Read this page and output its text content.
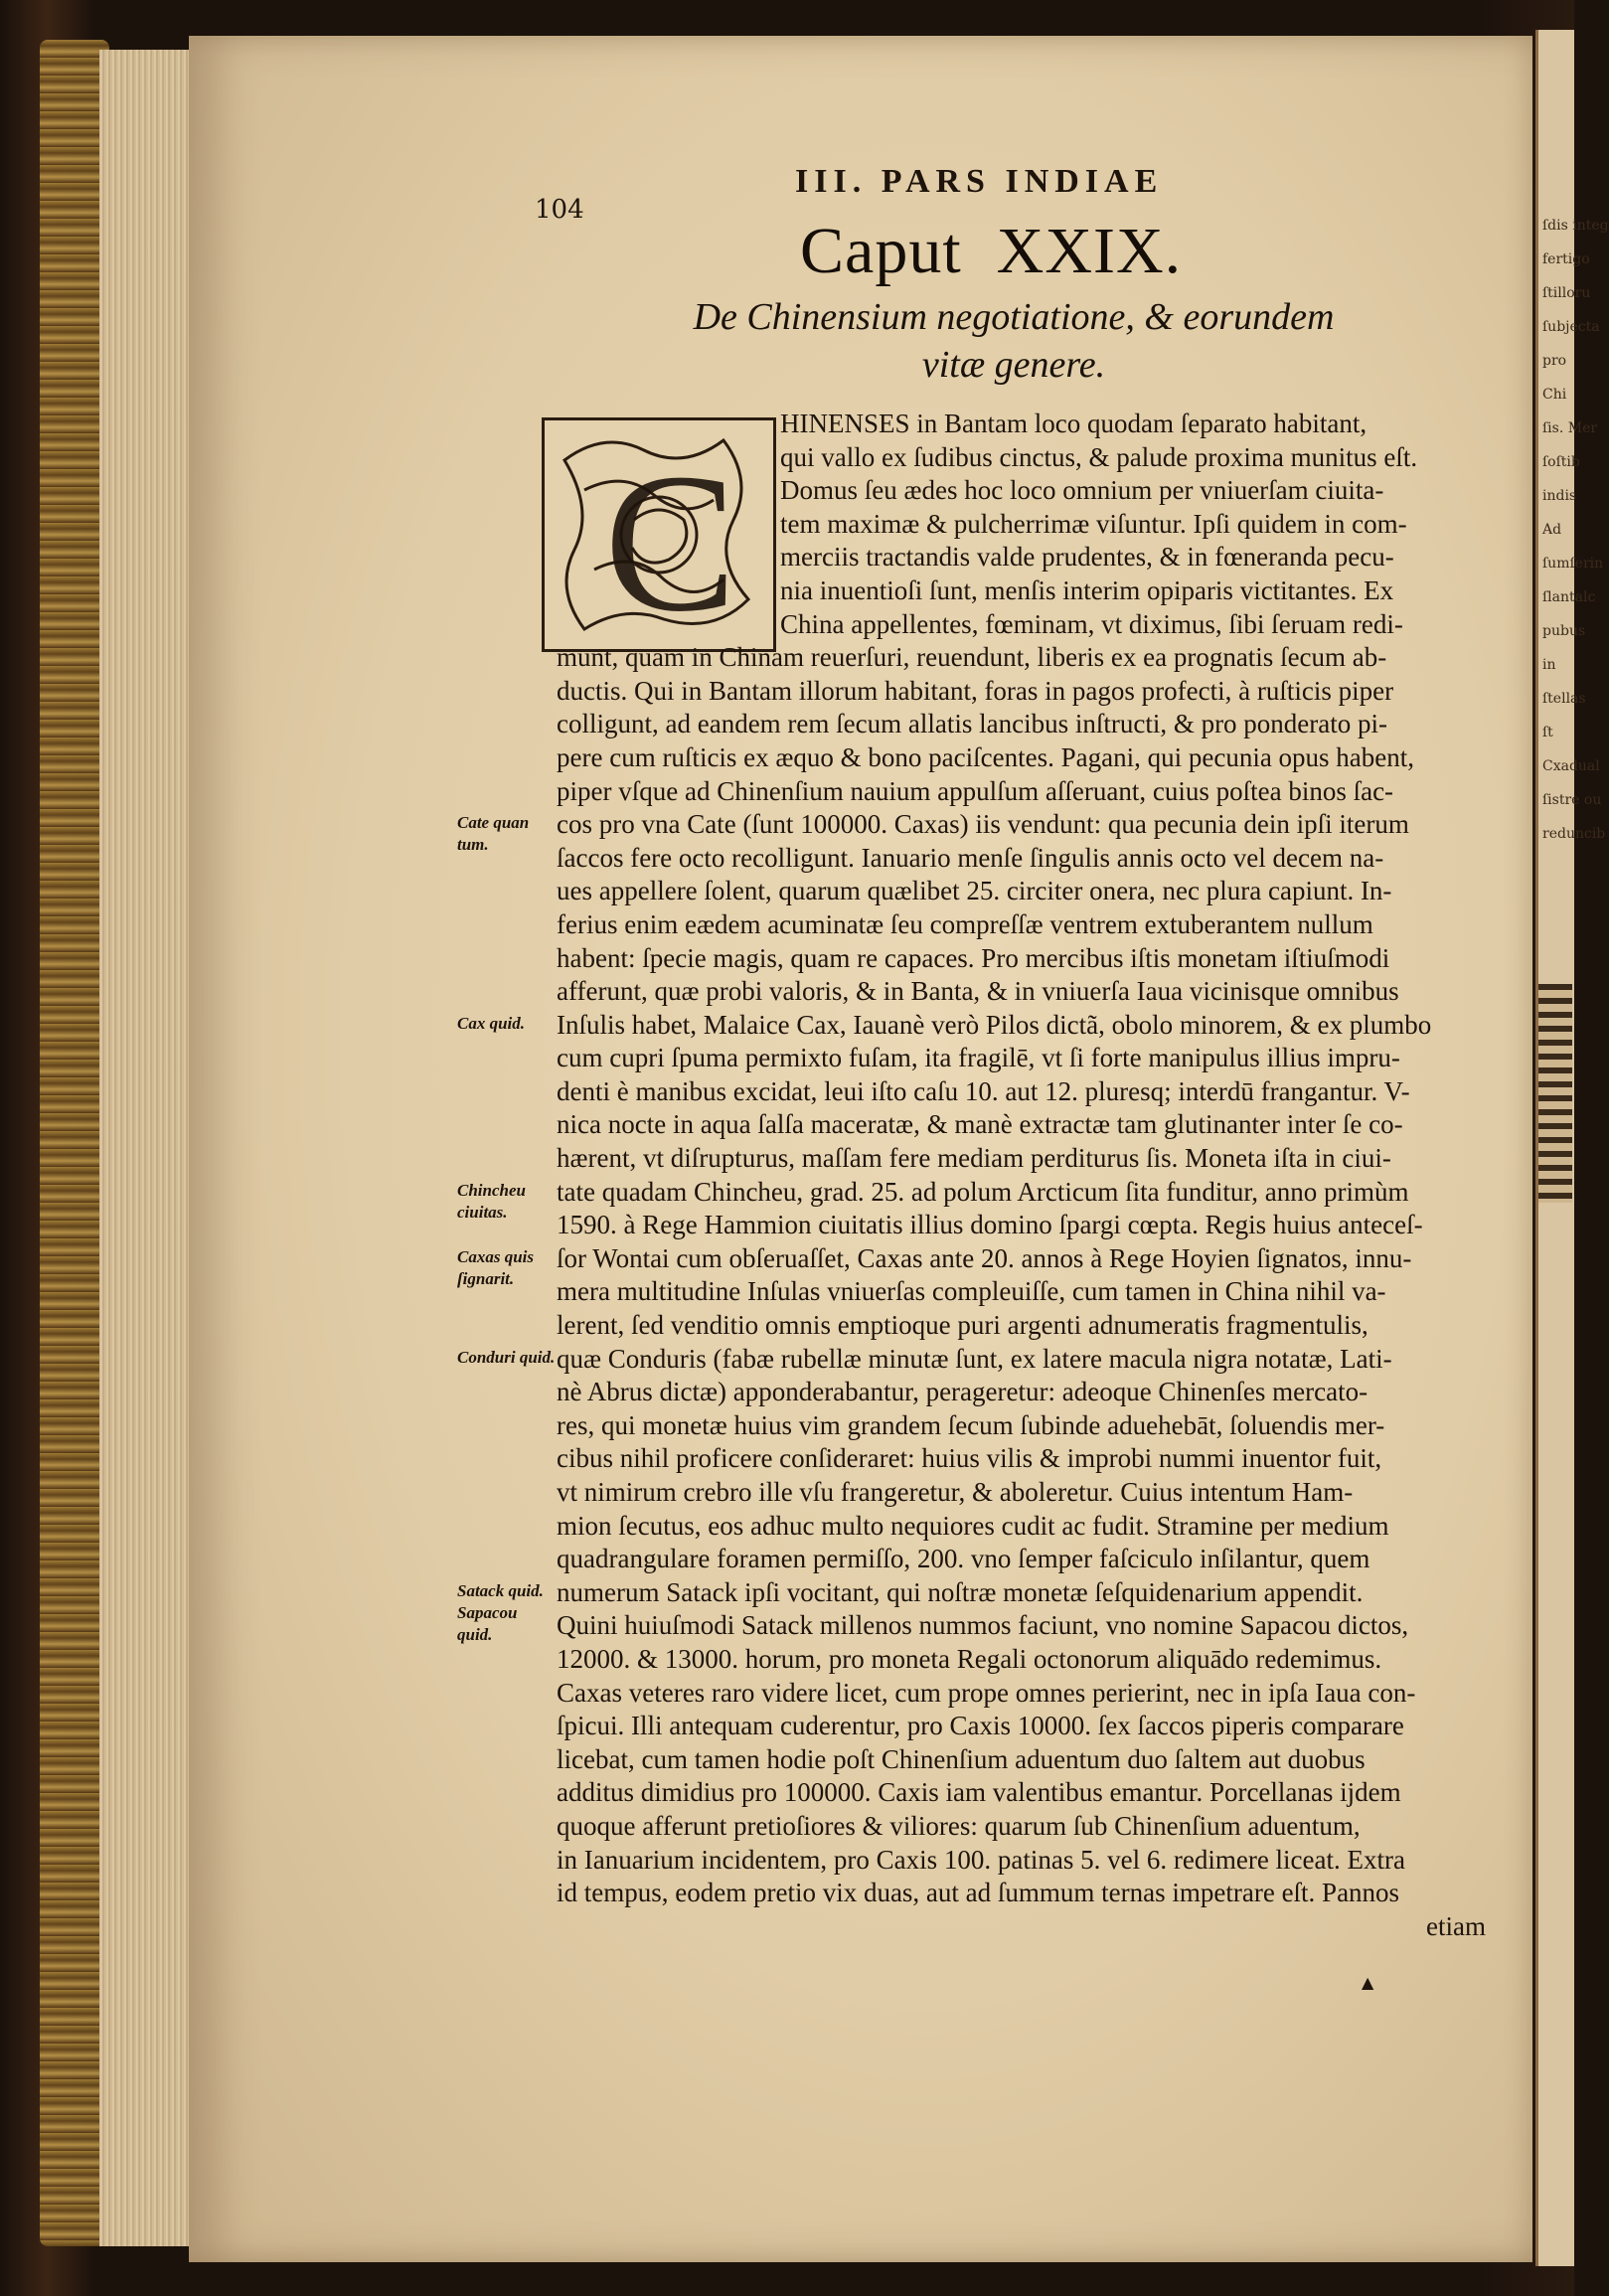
ſdis integ
fertigo
ſtilloru
ſubjecta
pro
Chi
ſis. Mer
ſoſtib
indis
Ad
ſumſerin
ſlantalc
pubus
in
ſtellas
ſt
Cxadual
ſistre ou
reduncib
104
III. PARS INDIAE
Caput  XXIX.
De Chinensium negotiatione, & eorundem vitæ genere.
C
HINENSES in Bantam loco quodam ſeparato habitant,
qui vallo ex ſudibus cinctus, & palude proxima munitus eſt.
Domus ſeu ædes hoc loco omnium per vniuerſam ciuita-
tem maximæ & pulcherrimæ viſuntur. Ipſi quidem in com-
merciis tractandis valde prudentes, & in fœneranda pecu-
nia inuentioſi ſunt, menſis interim opiparis victitantes. Ex
China appellentes, fœminam, vt diximus, ſibi ſeruam redi-
munt, quam in Chinam reuerſuri, reuendunt, liberis ex ea prognatis ſecum ab-
ductis. Qui in Bantam illorum habitant, foras in pagos profecti, à ruſticis piper
colligunt, ad eandem rem ſecum allatis lancibus inſtructi, & pro ponderato pi-
pere cum ruſticis ex æquo & bono paciſcentes. Pagani, qui pecunia opus habent,
piper vſque ad Chinenſium nauium appulſum aſſeruant, cuius poſtea binos ſac-
cos pro vna Cate (ſunt 100000. Caxas) iis vendunt: qua pecunia dein ipſi iterum
ſaccos fere octo recolligunt. Ianuario menſe ſingulis annis octo vel decem na-
ues appellere ſolent, quarum quælibet 25. circiter onera, nec plura capiunt. In-
ferius enim eædem acuminatæ ſeu compreſſæ ventrem extuberantem nullum
habent: ſpecie magis, quam re capaces. Pro mercibus iſtis monetam iſtiuſmodi
afferunt, quæ probi valoris, & in Banta, & in vniuerſa Iaua vicinisque omnibus
Inſulis habet, Malaice Cax, Iauanè verò Pilos dictã, obolo minorem, & ex plumbo
cum cupri ſpuma permixto fuſam, ita fragilē, vt ſi forte manipulus illius impru-
denti è manibus excidat, leui iſto caſu 10. aut 12. pluresq; interdū frangantur. V-
nica nocte in aqua ſalſa maceratæ, & manè extractæ tam glutinanter inter ſe co-
hærent, vt diſrupturus, maſſam fere mediam perditurus ſis. Moneta iſta in ciui-
tate quadam Chincheu, grad. 25. ad polum Arcticum ſita funditur, anno primùm
1590. à Rege Hammion ciuitatis illius domino ſpargi cœpta. Regis huius anteceſ-
ſor Wontai cum obſeruaſſet, Caxas ante 20. annos à Rege Hoyien ſignatos, innu-
mera multitudine Inſulas vniuerſas compleuiſſe, cum tamen in China nihil va-
lerent, ſed venditio omnis emptioque puri argenti adnumeratis fragmentulis,
quæ Conduris (fabæ rubellæ minutæ ſunt, ex latere macula nigra notatæ, Lati-
nè Abrus dictæ) apponderabantur, perageretur: adeoque Chinenſes mercato-
res, qui monetæ huius vim grandem ſecum ſubinde aduehebāt, ſoluendis mer-
cibus nihil proficere conſideraret: huius vilis & improbi nummi inuentor fuit,
vt nimirum crebro ille vſu frangeretur, & aboleretur. Cuius intentum Ham-
mion ſecutus, eos adhuc multo nequiores cudit ac fudit. Stramine per medium
quadrangulare foramen permiſſo, 200. vno ſemper faſciculo inſilantur, quem
numerum Satack ipſi vocitant, qui noſtræ monetæ ſeſquidenarium appendit.
Quini huiuſmodi Satack millenos nummos faciunt, vno nomine Sapacou dictos,
12000. & 13000. horum, pro moneta Regali octonorum aliquādo redemimus.
Caxas veteres raro videre licet, cum prope omnes perierint, nec in ipſa Iaua con-
ſpicui. Illi antequam cuderentur, pro Caxis 10000. ſex ſaccos piperis comparare
licebat, cum tamen hodie poſt Chinenſium aduentum duo ſaltem aut duobus
additus dimidius pro 100000. Caxis iam valentibus emantur. Porcellanas ijdem
quoque afferunt pretioſiores & viliores: quarum ſub Chinenſium aduentum,
in Ianuarium incidentem, pro Caxis 100. patinas 5. vel 6. redimere liceat. Extra
id tempus, eodem pretio vix duas, aut ad ſummum ternas impetrare eſt. Pannos
etiam
Cate quan tum.
Cax quid.
Chincheu ciuitas.
Caxas quis ſignarit.
Conduri quid.
Satack quid. Sapacou quid.
▲
